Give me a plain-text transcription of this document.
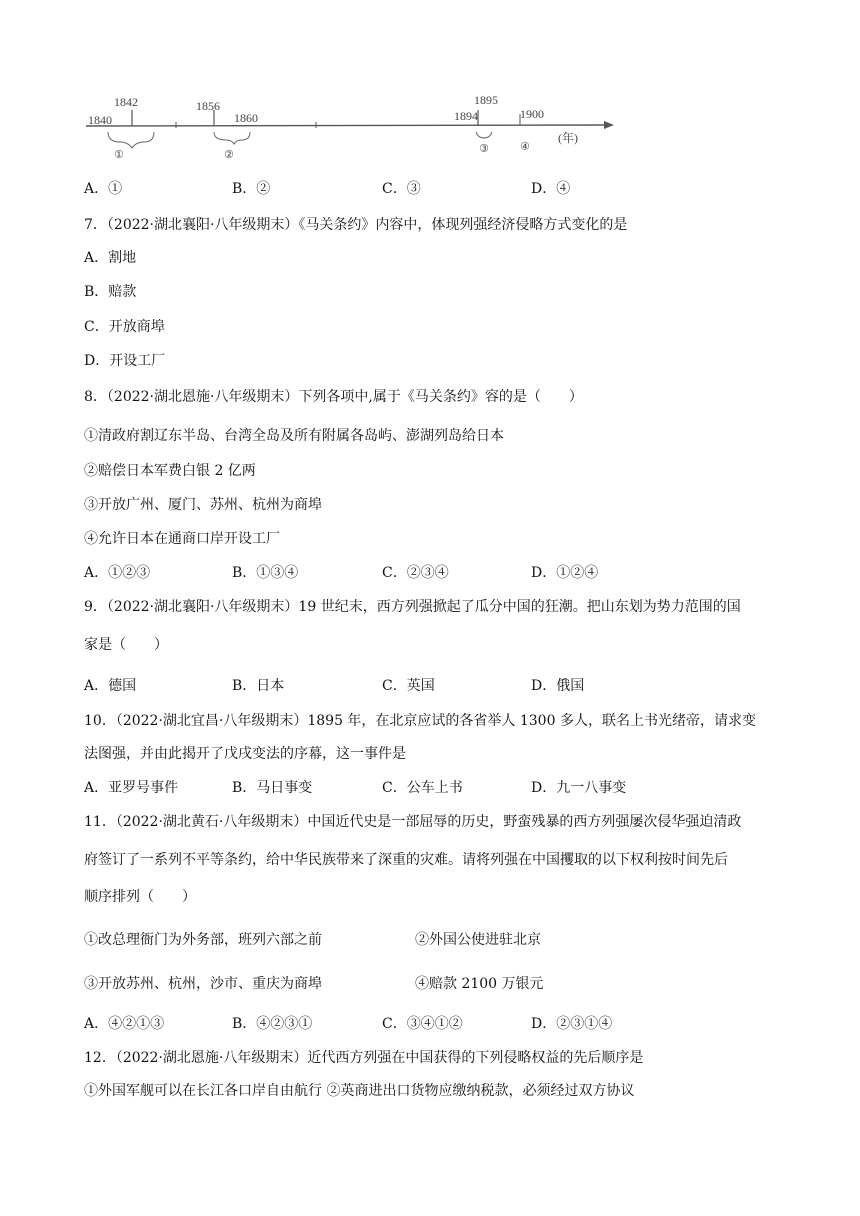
1840
1842	1856
1860
1895
1894	1900
①	②	③	④
(年)
A．①	B．②	C．③	D．④
7．（2022·湖北襄阳·八年级期末）《马关条约》内容中，体现列强经济侵略方式变化的是
A．割地
B．赔款
C．开放商埠
D．开设工厂
8．（2022·湖北恩施·八年级期末）下列各项中,属于《马关条约》容的是（　　）
①清政府割辽东半岛、台湾全岛及所有附属各岛屿、澎湖列岛给日本
②赔偿日本军费白银 2 亿两
③开放广州、厦门、苏州、杭州为商埠
④允许日本在通商口岸开设工厂
A．①②③	B．①③④	C．②③④	D．①②④
9．（2022·湖北襄阳·八年级期末）19 世纪末，西方列强掀起了瓜分中国的狂潮。把山东划为势力范围的国
家是（　　）
A．德国	B．日本	C．英国	D．俄国
10．（2022·湖北宜昌·八年级期末）1895 年，在北京应试的各省举人 1300 多人，联名上书光绪帝，请求变
法图强，并由此揭开了戊戌变法的序幕，这一事件是
A．亚罗号事件	B．马日事变	C．公车上书	D．九一八事变
11．（2022·湖北黄石·八年级期末）中国近代史是一部屈辱的历史，野蛮残暴的西方列强屡次侵华强迫清政
府签订了一系列不平等条约，给中华民族带来了深重的灾难。请将列强在中国攫取的以下权利按时间先后
顺序排列（　　）
①改总理衙门为外务部，班列六部之前	②外国公使进驻北京
③开放苏州、杭州，沙市、重庆为商埠	④赔款 2100 万银元
A．④②①③	B．④②③①	C．③④①②	D．②③①④
12．（2022·湖北恩施·八年级期末）近代西方列强在中国获得的下列侵略权益的先后顺序是
①外国军舰可以在长江各口岸自由航行 ②英商进出口货物应缴纳税款，必须经过双方协议
